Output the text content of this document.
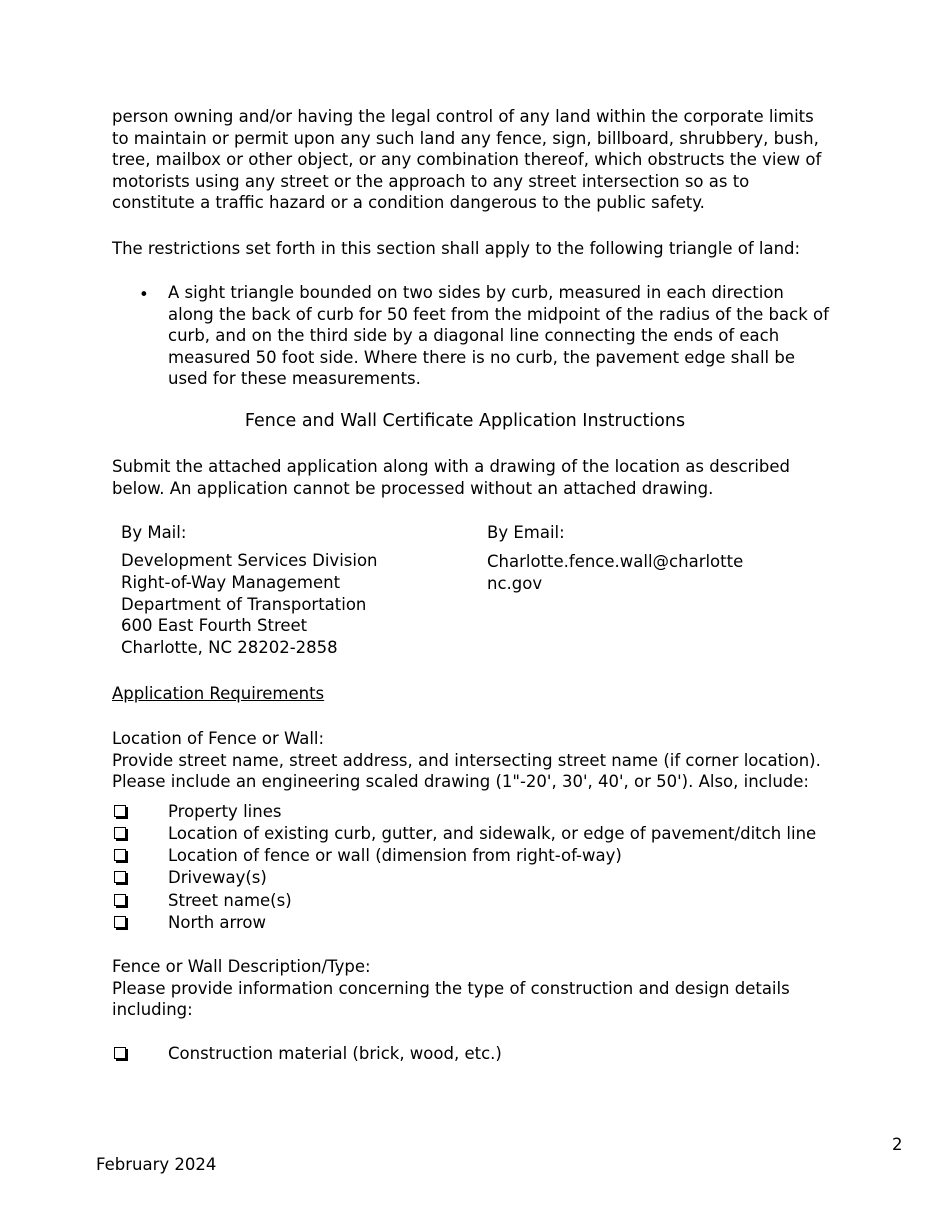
person owning and/or having the legal control of any land within the corporate limits
to maintain or permit upon any such land any fence, sign, billboard, shrubbery, bush,
tree, mailbox or other object, or any combination thereof, which obstructs the view of
motorists using any street or the approach to any street intersection so as to
constitute a traffic hazard or a condition dangerous to the public safety.
The restrictions set forth in this section shall apply to the following triangle of land:
• A sight triangle bounded on two sides by curb, measured in each direction
along the back of curb for 50 feet from the midpoint of the radius of the back of
curb, and on the third side by a diagonal line connecting the ends of each
measured 50 foot side. Where there is no curb, the pavement edge shall be
used for these measurements.
Fence and Wall Certificate Application Instructions
Submit the attached application along with a drawing of the location as described
below. An application cannot be processed without an attached drawing.
By Mail:
Development Services Division
Right-of-Way Management
Department of Transportation
600 East Fourth Street
Charlotte, NC 28202-2858
By Email:
Charlotte.fence.wall@charlotte
nc.gov
Application Requirements
Location of Fence or Wall:
Provide street name, street address, and intersecting street name (if corner location).
Please include an engineering scaled drawing (1"-20', 30', 40', or 50'). Also, include:
Property lines
Location of existing curb, gutter, and sidewalk, or edge of pavement/ditch line
Location of fence or wall (dimension from right-of-way)
Driveway(s)
Street name(s)
North arrow
Fence or Wall Description/Type:
Please provide information concerning the type of construction and design details
including:
Construction material (brick, wood, etc.)
2
February 2024
